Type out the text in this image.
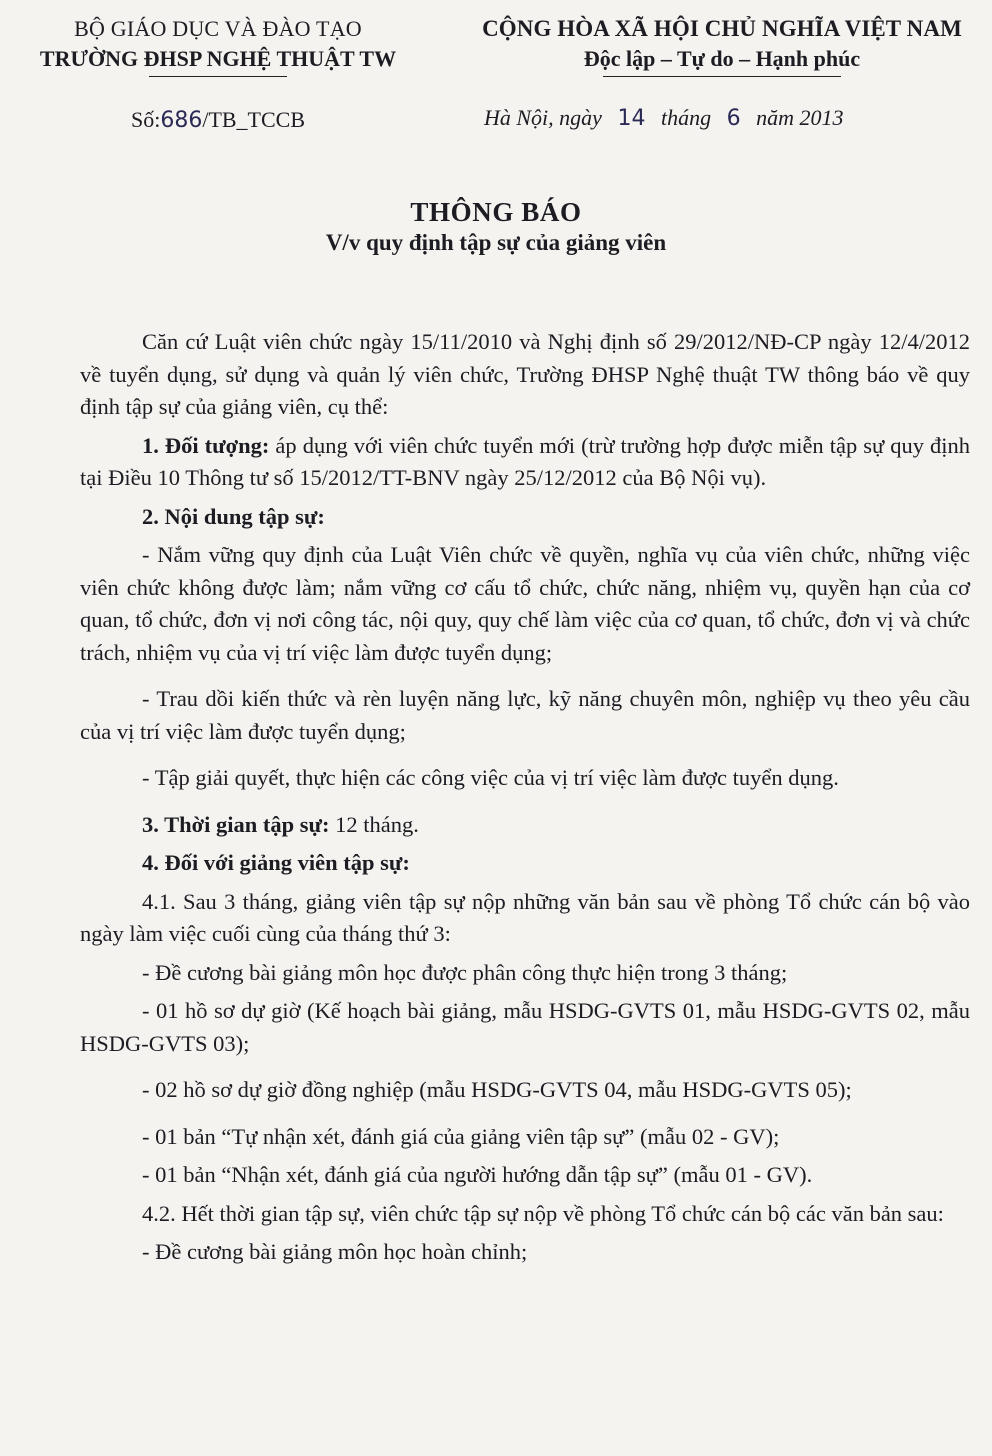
BỘ GIÁO DỤC VÀ ĐÀO TẠO
TRƯỜNG ĐHSP NGHỆ THUẬT TW
Số:686/TB_TCCB
CỘNG HÒA XÃ HỘI CHỦ NGHĨA VIỆT NAM
Độc lập – Tự do – Hạnh phúc
Hà Nội, ngày 14 tháng 6 năm 2013
THÔNG BÁO
V/v quy định tập sự của giảng viên

Căn cứ Luật viên chức ngày 15/11/2010 và Nghị định số 29/2012/NĐ-CP ngày 12/4/2012 về tuyển dụng, sử dụng và quản lý viên chức, Trường ĐHSP Nghệ thuật TW thông báo về quy định tập sự của giảng viên, cụ thể:

1. Đối tượng: áp dụng với viên chức tuyển mới (trừ trường hợp được miễn tập sự quy định tại Điều 10 Thông tư số 15/2012/TT-BNV ngày 25/12/2012 của Bộ Nội vụ).

2. Nội dung tập sự:

- Nắm vững quy định của Luật Viên chức về quyền, nghĩa vụ của viên chức, những việc viên chức không được làm; nắm vững cơ cấu tổ chức, chức năng, nhiệm vụ, quyền hạn của cơ quan, tổ chức, đơn vị nơi công tác, nội quy, quy chế làm việc của cơ quan, tổ chức, đơn vị và chức trách, nhiệm vụ của vị trí việc làm được tuyển dụng;

- Trau dồi kiến thức và rèn luyện năng lực, kỹ năng chuyên môn, nghiệp vụ theo yêu cầu của vị trí việc làm được tuyển dụng;

- Tập giải quyết, thực hiện các công việc của vị trí việc làm được tuyển dụng.

3. Thời gian tập sự: 12 tháng.

4. Đối với giảng viên tập sự:

4.1. Sau 3 tháng, giảng viên tập sự nộp những văn bản sau về phòng Tổ chức cán bộ vào ngày làm việc cuối cùng của tháng thứ 3:

- Đề cương bài giảng môn học được phân công thực hiện trong 3 tháng;

- 01 hồ sơ dự giờ (Kế hoạch bài giảng, mẫu HSDG-GVTS 01, mẫu HSDG-GVTS 02, mẫu HSDG-GVTS 03);

- 02 hồ sơ dự giờ đồng nghiệp (mẫu HSDG-GVTS 04, mẫu HSDG-GVTS 05);

- 01 bản “Tự nhận xét, đánh giá của giảng viên tập sự” (mẫu 02 - GV);

- 01 bản “Nhận xét, đánh giá của người hướng dẫn tập sự” (mẫu 01 - GV).

4.2. Hết thời gian tập sự, viên chức tập sự nộp về phòng Tổ chức cán bộ các văn bản sau:

- Đề cương bài giảng môn học hoàn chỉnh;
